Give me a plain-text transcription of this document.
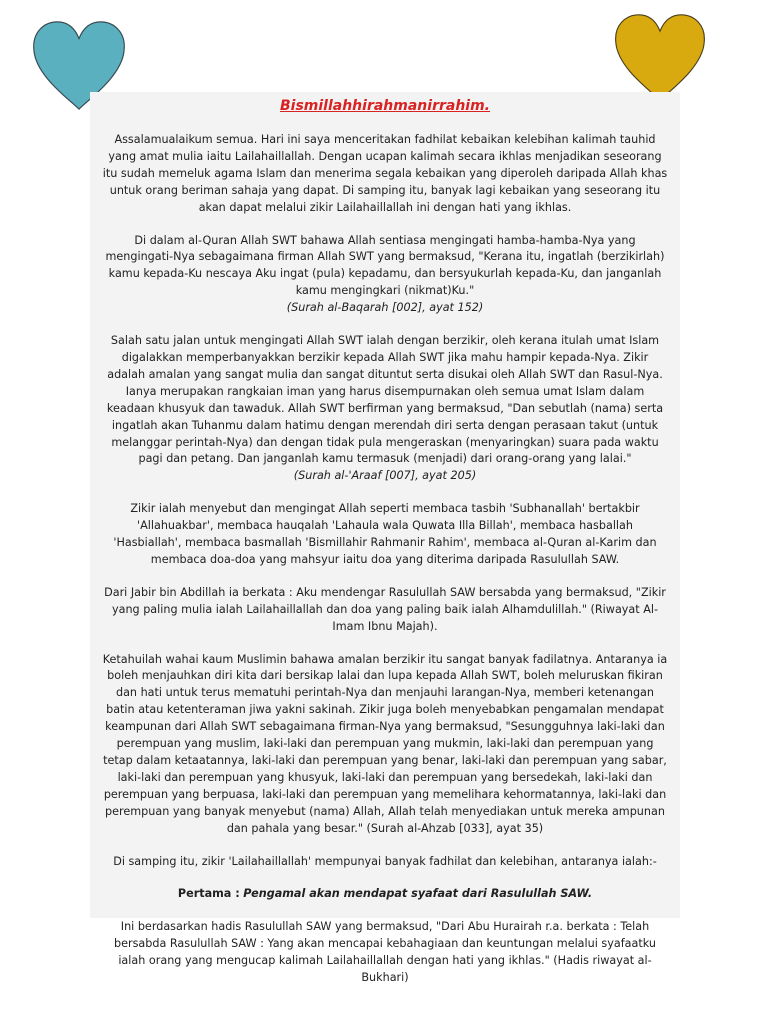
Bismillahhirahmanirrahim.

Assalamualaikum semua. Hari ini saya menceritakan fadhilat kebaikan kelebihan kalimah tauhid yang amat mulia iaitu Lailahaillallah. Dengan ucapan kalimah secara ikhlas menjadikan seseorang itu sudah memeluk agama Islam dan menerima segala kebaikan yang diperoleh daripada Allah khas untuk orang beriman sahaja yang dapat. Di samping itu, banyak lagi kebaikan yang seseorang itu akan dapat melalui zikir Lailahaillallah ini dengan hati yang ikhlas.

Di dalam al-Quran Allah SWT bahawa Allah sentiasa mengingati hamba-hamba-Nya yang mengingati-Nya sebagaimana firman Allah SWT yang bermaksud, "Kerana itu, ingatlah (berzikirlah) kamu kepada-Ku nescaya Aku ingat (pula) kepadamu, dan bersyukurlah kepada-Ku, dan janganlah kamu mengingkari (nikmat)Ku."

(Surah al-Baqarah [002], ayat 152)

Salah satu jalan untuk mengingati Allah SWT ialah dengan berzikir, oleh kerana itulah umat Islam digalakkan memperbanyakkan berzikir kepada Allah SWT jika mahu hampir kepada-Nya. Zikir adalah amalan yang sangat mulia dan sangat dituntut serta disukai oleh Allah SWT dan Rasul-Nya. Ianya merupakan rangkaian iman yang harus disempurnakan oleh semua umat Islam dalam keadaan khusyuk dan tawaduk. Allah SWT berfirman yang bermaksud, "Dan sebutlah (nama) serta ingatlah akan Tuhanmu dalam hatimu dengan merendah diri serta dengan perasaan takut (untuk melanggar perintah-Nya) dan dengan tidak pula mengeraskan (menyaringkan) suara pada waktu pagi dan petang. Dan janganlah kamu termasuk (menjadi) dari orang-orang yang lalai."

(Surah al-'Araaf [007], ayat 205)

Zikir ialah menyebut dan mengingat Allah seperti membaca tasbih 'Subhanallah' bertakbir 'Allahuakbar', membaca hauqalah 'Lahaula wala Quwata Illa Billah', membaca hasballah 'Hasbiallah', membaca basmallah 'Bismillahir Rahmanir Rahim', membaca al-Quran al-Karim dan membaca doa-doa yang mahsyur iaitu doa yang diterima daripada Rasulullah SAW.

Dari Jabir bin Abdillah ia berkata : Aku mendengar Rasulullah SAW bersabda yang bermaksud, "Zikir yang paling mulia ialah Lailahaillallah dan doa yang paling baik ialah Alhamdulillah." (Riwayat Al-Imam Ibnu Majah).

Ketahuilah wahai kaum Muslimin bahawa amalan berzikir itu sangat banyak fadilatnya. Antaranya ia boleh menjauhkan diri kita dari bersikap lalai dan lupa kepada Allah SWT, boleh meluruskan fikiran dan hati untuk terus mematuhi perintah-Nya dan menjauhi larangan-Nya, memberi ketenangan batin atau ketenteraman jiwa yakni sakinah. Zikir juga boleh menyebabkan pengamalan mendapat keampunan dari Allah SWT sebagaimana firman-Nya yang bermaksud, "Sesungguhnya laki-laki dan perempuan yang muslim, laki-laki dan perempuan yang mukmin, laki-laki dan perempuan yang tetap dalam ketaatannya, laki-laki dan perempuan yang benar, laki-laki dan perempuan yang sabar, laki-laki dan perempuan yang khusyuk, laki-laki dan perempuan yang bersedekah, laki-laki dan perempuan yang berpuasa, laki-laki dan perempuan yang memelihara kehormatannya, laki-laki dan perempuan yang banyak menyebut (nama) Allah, Allah telah menyediakan untuk mereka ampunan dan pahala yang besar." (Surah al-Ahzab [033], ayat 35)

Di samping itu, zikir 'Lailahaillallah' mempunyai banyak fadhilat dan kelebihan, antaranya ialah:-

Pertama : Pengamal akan mendapat syafaat dari Rasulullah SAW.

Ini berdasarkan hadis Rasulullah SAW yang bermaksud, "Dari Abu Hurairah r.a. berkata : Telah bersabda Rasulullah SAW : Yang akan mencapai kebahagiaan dan keuntungan melalui syafaatku ialah orang yang mengucap kalimah Lailahaillallah dengan hati yang ikhlas." (Hadis riwayat al-Bukhari)
